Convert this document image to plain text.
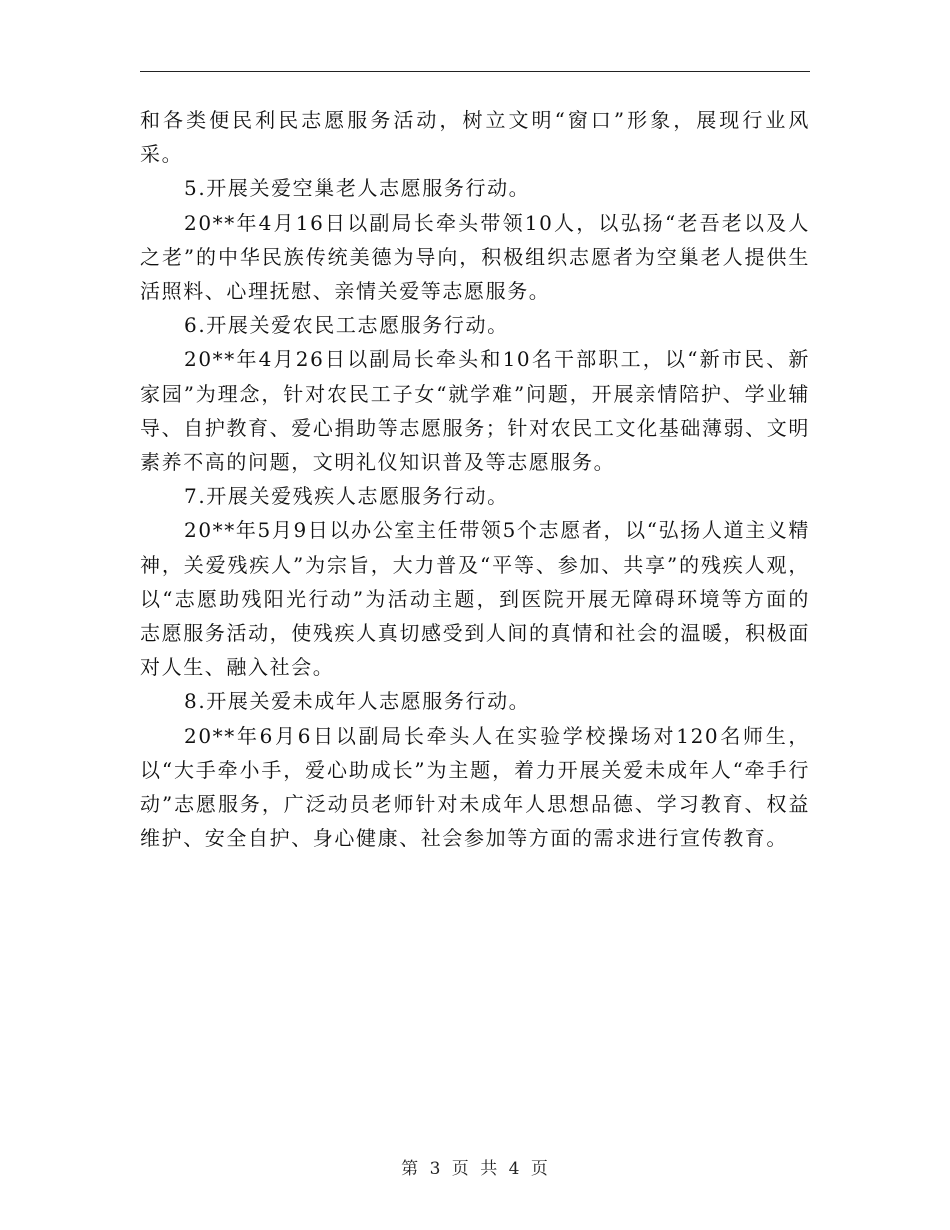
和各类便民利民志愿服务活动，树立文明“窗口”形象，展现行业风采。

5.开展关爱空巢老人志愿服务行动。

20**年4月16日以副局长牵头带领10人，以弘扬“老吾老以及人之老”的中华民族传统美德为导向，积极组织志愿者为空巢老人提供生活照料、心理抚慰、亲情关爱等志愿服务。

6.开展关爱农民工志愿服务行动。

20**年4月26日以副局长牵头和10名干部职工，以“新市民、新家园”为理念，针对农民工子女“就学难”问题，开展亲情陪护、学业辅导、自护教育、爱心捐助等志愿服务；针对农民工文化基础薄弱、文明素养不高的问题，文明礼仪知识普及等志愿服务。

7.开展关爱残疾人志愿服务行动。

20**年5月9日以办公室主任带领5个志愿者，以“弘扬人道主义精神，关爱残疾人”为宗旨，大力普及“平等、参加、共享”的残疾人观，以“志愿助残阳光行动”为活动主题，到医院开展无障碍环境等方面的志愿服务活动，使残疾人真切感受到人间的真情和社会的温暖，积极面对人生、融入社会。

8.开展关爱未成年人志愿服务行动。

20**年6月6日以副局长牵头人在实验学校操场对120名师生，以“大手牵小手，爱心助成长”为主题，着力开展关爱未成年人“牵手行动”志愿服务，广泛动员老师针对未成年人思想品德、学习教育、权益维护、安全自护、身心健康、社会参加等方面的需求进行宣传教育。

第 3 页 共 4 页
